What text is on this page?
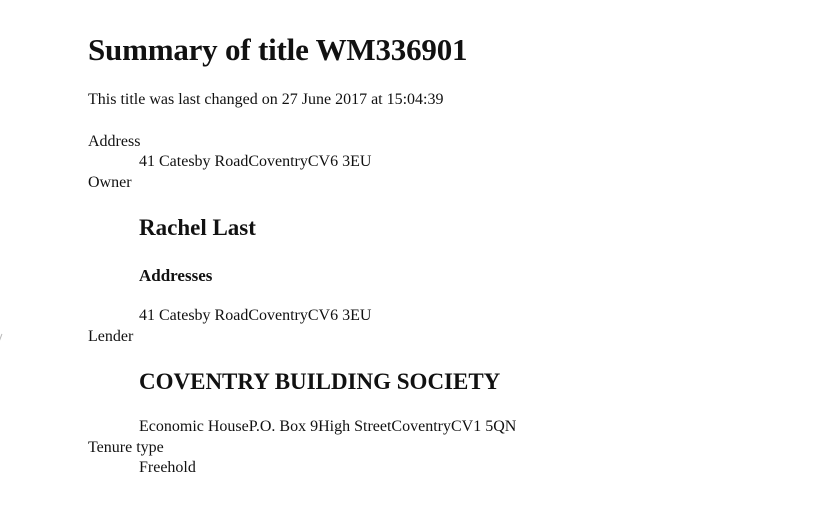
Summary of title WM336901
This title was last changed on 27 June 2017 at 15:04:39
Address
41 Catesby RoadCoventryCV6 3EU
Owner
Rachel Last
Addresses
41 Catesby RoadCoventryCV6 3EU
Lender
COVENTRY BUILDING SOCIETY
Economic HouseP.O. Box 9High StreetCoventryCV1 5QN
Tenure type
Freehold
